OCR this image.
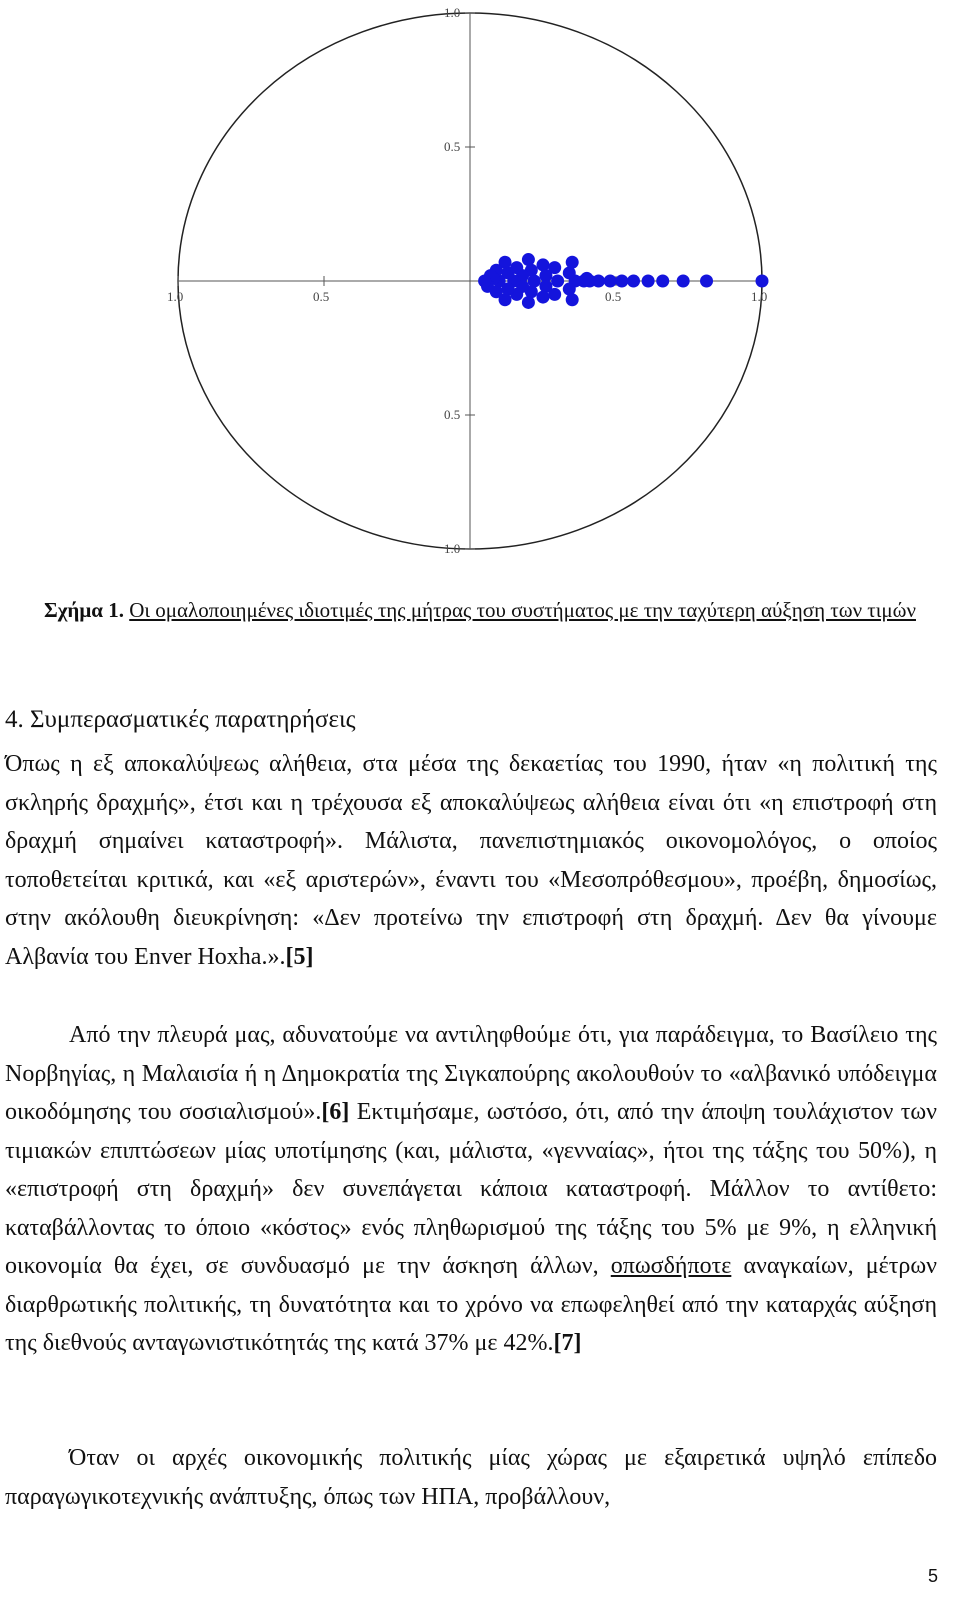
1.0	0.5	0.5	1.0
1.0
0.5
0.5
1.0
Σχήμα 1. Οι ομαλοποιημένες ιδιοτιμές της μήτρας του συστήματος με την ταχύτερη αύξηση των τιμών
4. Συμπερασματικές παρατηρήσεις

Όπως η εξ αποκαλύψεως αλήθεια, στα μέσα της δεκαετίας του 1990, ήταν «η πολιτική της σκληρής δραχμής», έτσι και η τρέχουσα εξ αποκαλύψεως αλήθεια είναι ότι «η επιστροφή στη δραχμή σημαίνει καταστροφή». Μάλιστα, πανεπιστημιακός οικονομολόγος, ο οποίος τοποθετείται κριτικά, και «εξ αριστερών», έναντι του «Μεσοπρόθεσμου», προέβη, δημοσίως, στην ακόλουθη διευκρίνηση: «Δεν προτείνω την επιστροφή στη δραχμή. Δεν θα γίνουμε Αλβανία του Enver Hoxha.».[5]

Από την πλευρά μας, αδυνατούμε να αντιληφθούμε ότι, για παράδειγμα, το Βασίλειο της Νορβηγίας, η Μαλαισία ή η Δημοκρατία της Σιγκαπούρης ακολουθούν το «αλβανικό υπόδειγμα οικοδόμησης του σοσιαλισμού».[6] Εκτιμήσαμε, ωστόσο, ότι, από την άποψη τουλάχιστον των τιμιακών επιπτώσεων μίας υποτίμησης (και, μάλιστα, «γενναίας», ήτοι της τάξης του 50%), η «επιστροφή στη δραχμή» δεν συνεπάγεται κάποια καταστροφή. Μάλλον το αντίθετο: καταβάλλοντας το όποιο «κόστος» ενός πληθωρισμού της τάξης του 5% με 9%, η ελληνική οικονομία θα έχει, σε συνδυασμό με την άσκηση άλλων, οπωσδήποτε αναγκαίων, μέτρων διαρθρωτικής πολιτικής, τη δυνατότητα και το χρόνο να επωφεληθεί από την καταρχάς αύξηση της διεθνούς ανταγωνιστικότητάς της κατά 37% με 42%.[7]

Όταν οι αρχές οικονομικής πολιτικής μίας χώρας με εξαιρετικά υψηλό επίπεδο παραγωγικοτεχνικής ανάπτυξης, όπως των ΗΠΑ, προβάλλουν,

5
